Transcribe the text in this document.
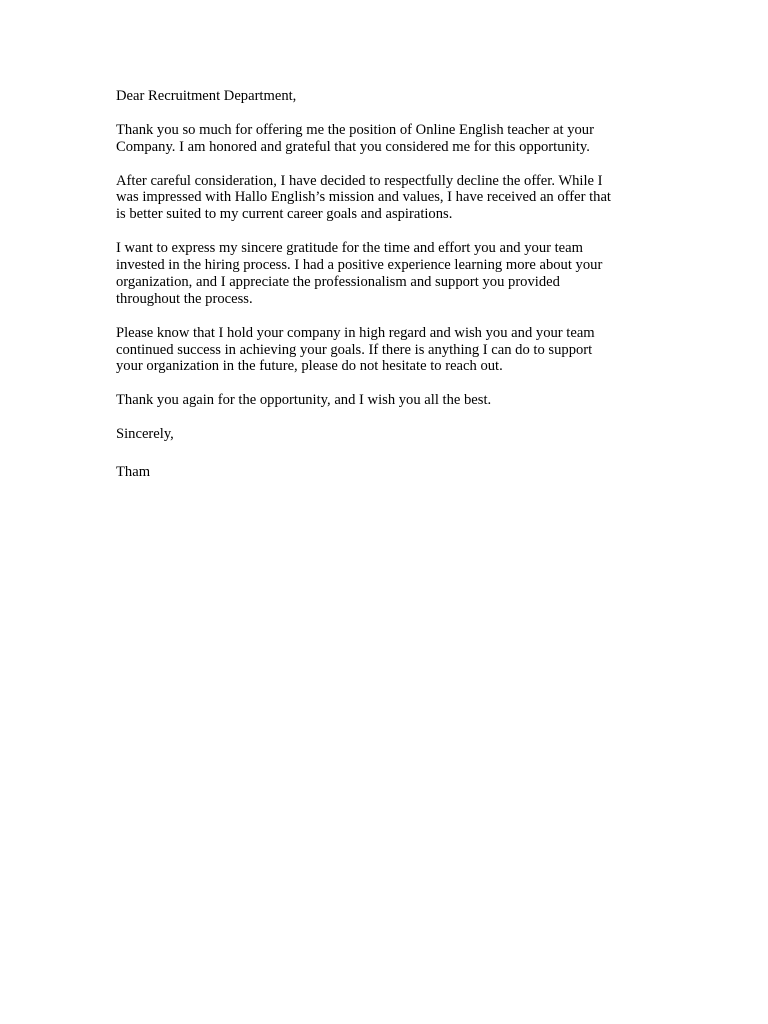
Dear Recruitment Department,

Thank you so much for offering me the position of Online English teacher at your
Company. I am honored and grateful that you considered me for this opportunity.

After careful consideration, I have decided to respectfully decline the offer. While I
was impressed with Hallo English’s mission and values, I have received an offer that
is better suited to my current career goals and aspirations.

I want to express my sincere gratitude for the time and effort you and your team
invested in the hiring process. I had a positive experience learning more about your
organization, and I appreciate the professionalism and support you provided
throughout the process.

Please know that I hold your company in high regard and wish you and your team
continued success in achieving your goals. If there is anything I can do to support
your organization in the future, please do not hesitate to reach out.

Thank you again for the opportunity, and I wish you all the best.

Sincerely,

Tham
